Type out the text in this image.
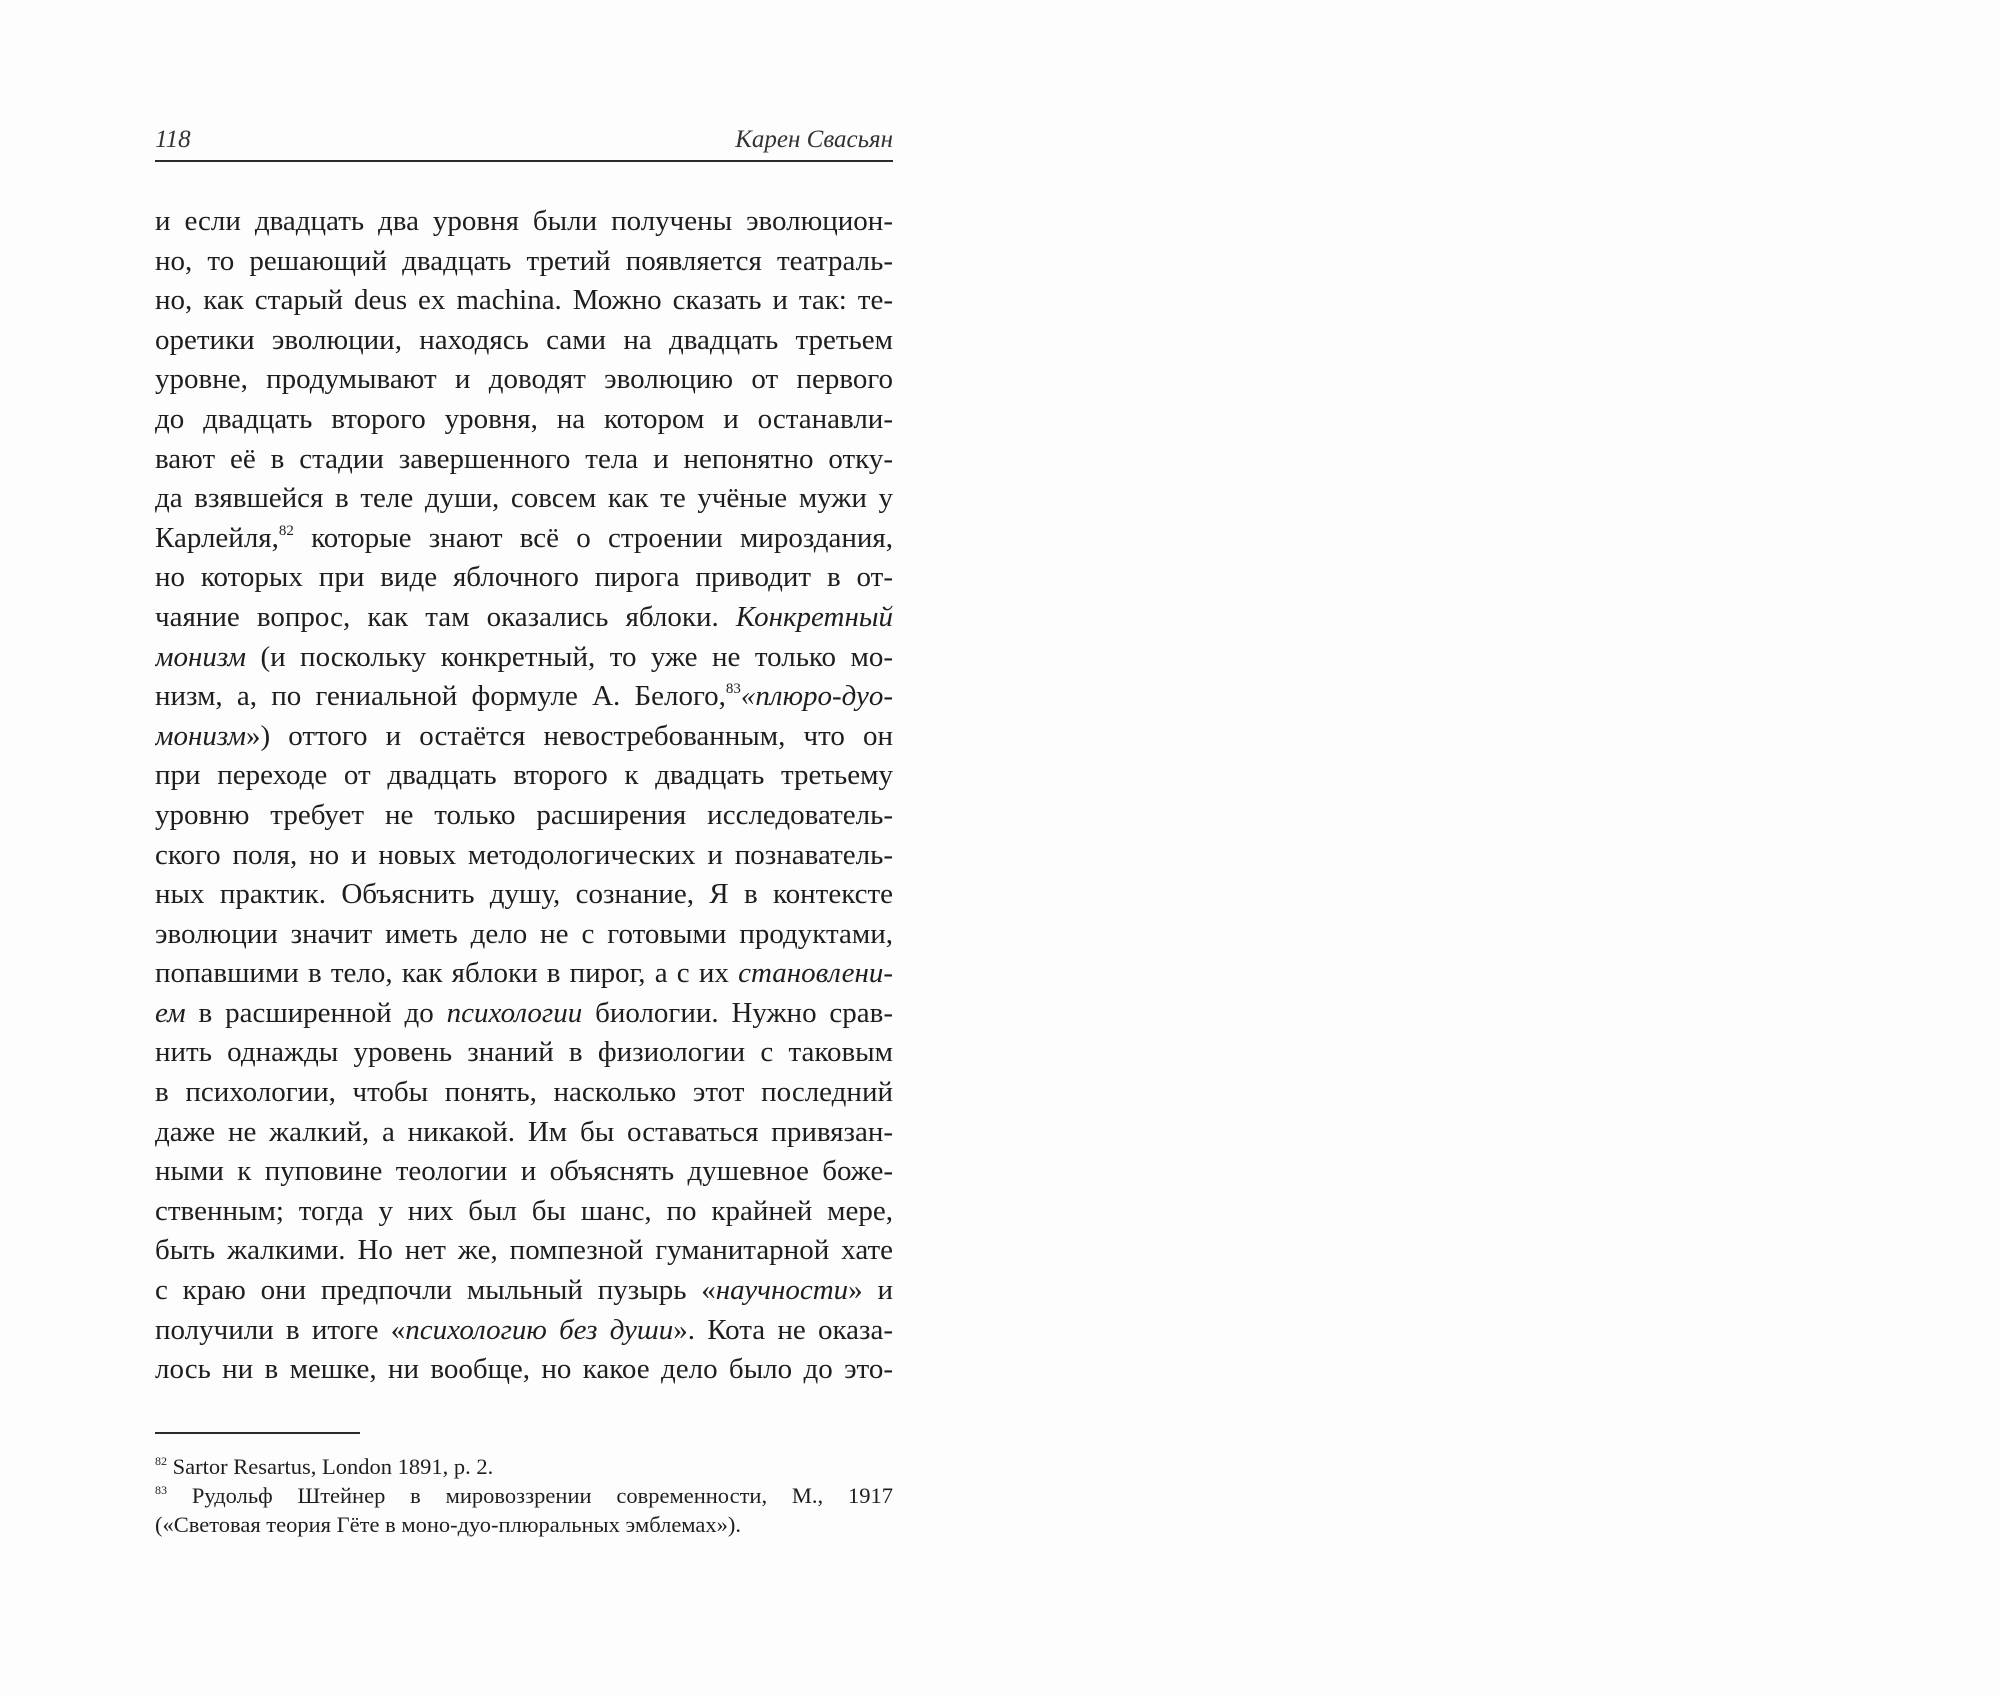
118	Карен Свасьян
и если двадцать два уровня были получены эволюцион-
но, то решающий двадцать третий появляется театраль-
но, как старый deus ex machina. Можно сказать и так: те-
оретики эволюции, находясь сами на двадцать третьем
уровне, продумывают и доводят эволюцию от первого
до двадцать второго уровня, на котором и останавли-
вают её в стадии завершенного тела и непонятно отку-
да взявшейся в теле души, совсем как те учёные мужи у
Карлейля,$^{82}$ которые знают всё о строении мироздания,
но которых при виде яблочного пирога приводит в от-
чаяние вопрос, как там оказались яблоки. Конкретный
монизм (и поскольку конкретный, то уже не только мо-
низм, а, по гениальной формуле А. Белого,$^{83}$«плюро-дуо-
монизм») оттого и остаётся невостребованным, что он
при переходе от двадцать второго к двадцать третьему
уровню требует не только расширения исследователь-
ского поля, но и новых методологических и познаватель-
ных практик. Объяснить душу, сознание, Я в контексте
эволюции значит иметь дело не с готовыми продуктами,
попавшими в тело, как яблоки в пирог, а с их становлени-
ем в расширенной до психологии биологии. Нужно срав-
нить однажды уровень знаний в физиологии с таковым
в психологии, чтобы понять, насколько этот последний
даже не жалкий, а никакой. Им бы оставаться привязан-
ными к пуповине теологии и объяснять душевное боже-
ственным; тогда у них был бы шанс, по крайней мере,
быть жалкими. Но нет же, помпезной гуманитарной хате
с краю они предпочли мыльный пузырь «научности» и
получили в итоге «психологию без души». Кота не оказа-
лось ни в мешке, ни вообще, но какое дело было до это-
$^{82}$ Sartor Resartus, London 1891, p. 2.
$^{83}$ Рудольф Штейнер в мировоззрении современности, М., 1917
(«Световая теория Гёте в моно-дуо-плюральных эмблемах»).
